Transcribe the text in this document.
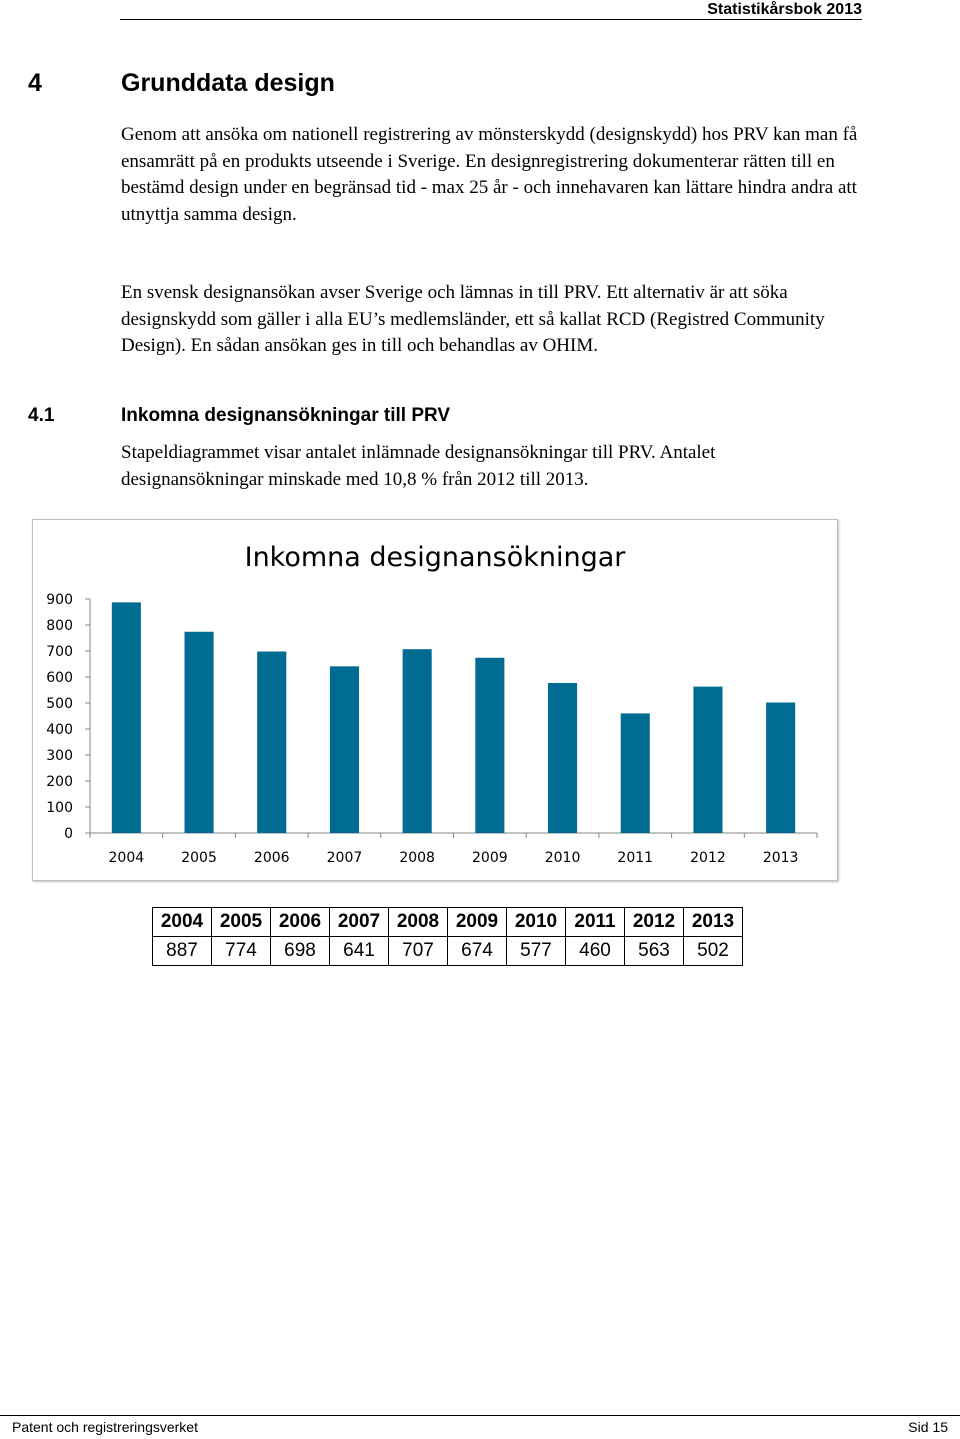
Statistikårsbok 2013
4	Grunddata design
Genom att ansöka om nationell registrering av mönsterskydd (designskydd) hos PRV kan man få ensamrätt på en produkts utseende i Sverige. En designregistrering dokumenterar rätten till en bestämd design under en begränsad tid - max 25 år - och innehavaren kan lättare hindra andra att utnyttja samma design.
En svensk designansökan avser Sverige och lämnas in till PRV. Ett alternativ är att söka designskydd som gäller i alla EU’s medlemsländer, ett så kallat RCD (Registred Community Design). En sådan ansökan ges in till och behandlas av OHIM.
4.1	Inkomna designansökningar till PRV
Stapeldiagrammet visar antalet inlämnade designansökningar till PRV. Antalet designansökningar minskade med 10,8 % från 2012 till 2013.
Inkomna designansökningar
0
100
200
300
400
500
600
700
800
900
2004	2005	2006	2007	2008	2009	2010	2011	2012	2013
2004	2005	2006	2007	2008	2009	2010	2011	2012	2013
887	774	698	641	707	674	577	460	563	502
Patent och registreringsverket	Sid 15
